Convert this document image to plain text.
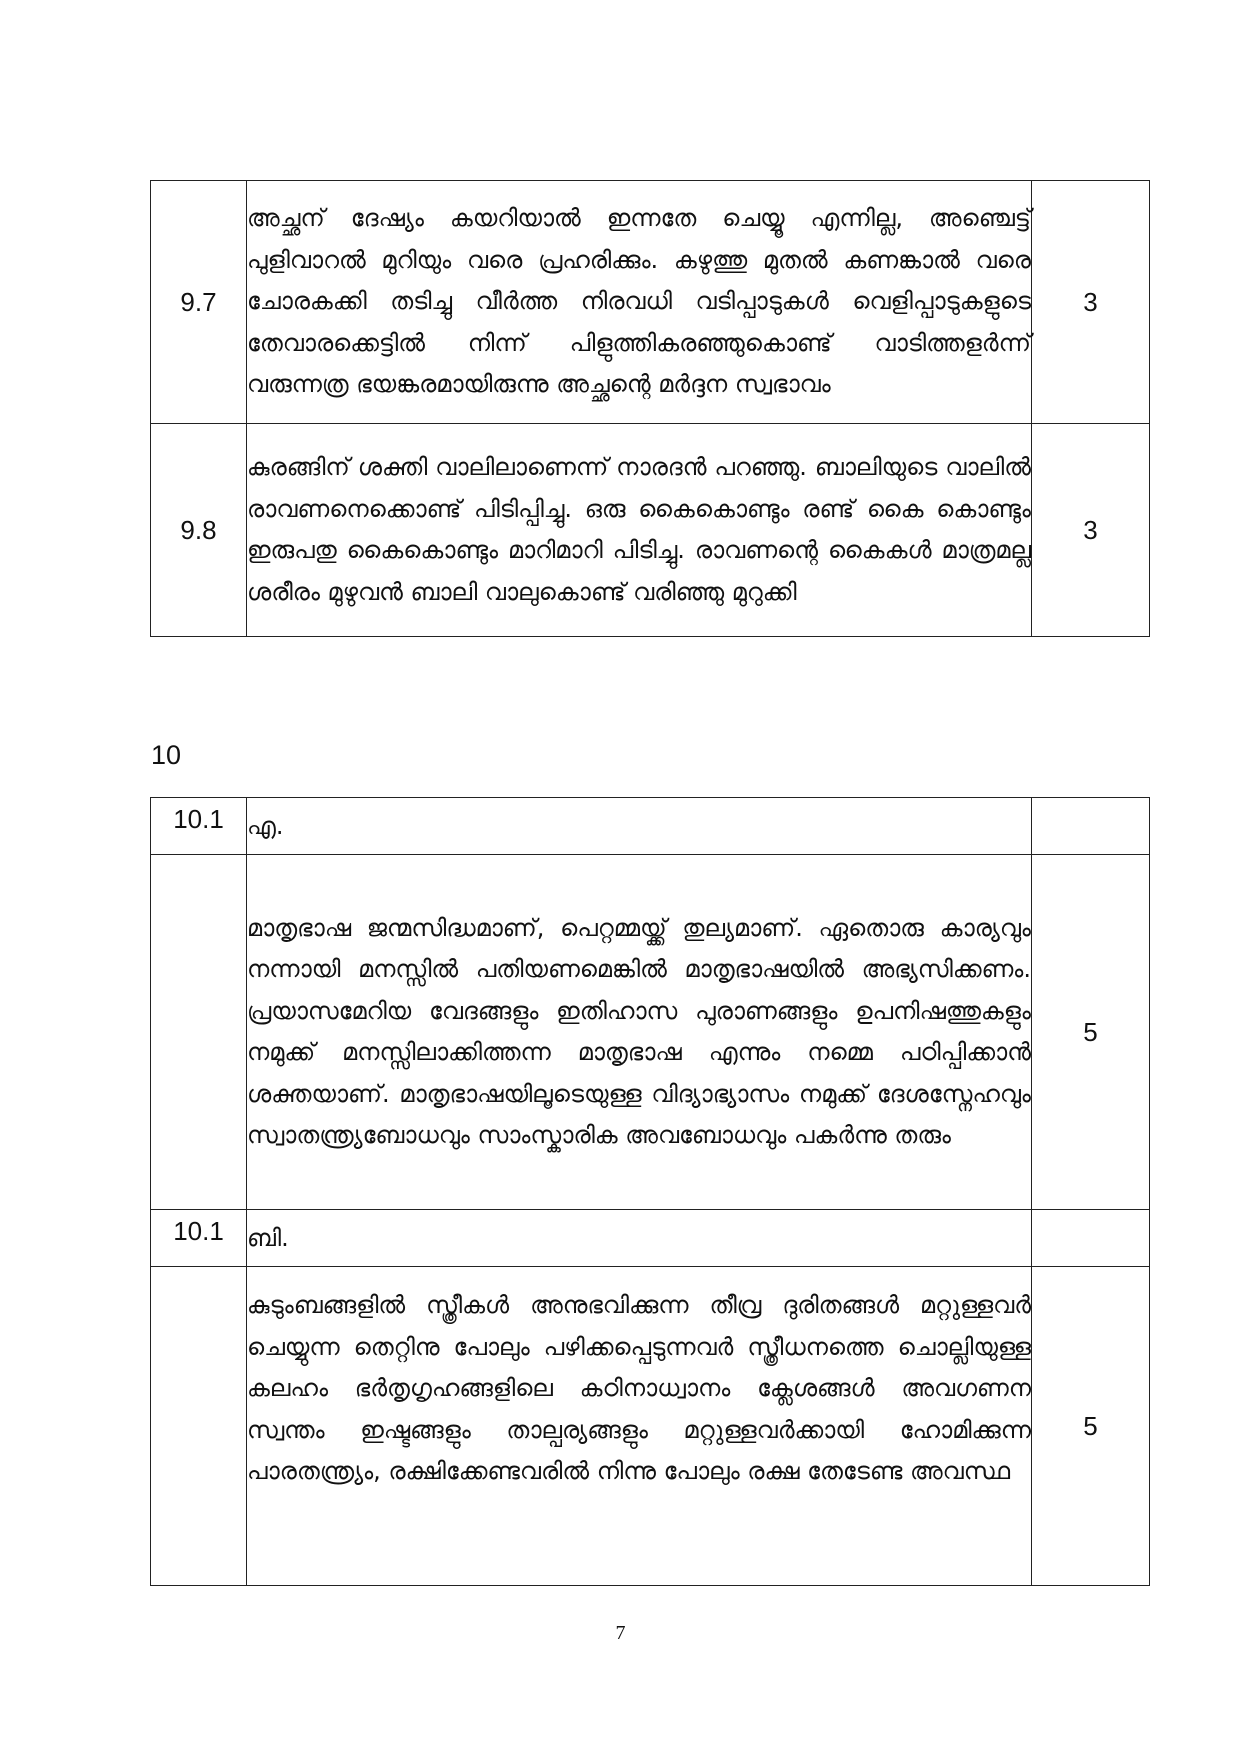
9.7	അച്ഛന് ദേഷ്യം കയറിയാൽ ഇന്നതേ ചെയ്യൂ എന്നില്ല, അഞ്ചെട്ട് പുളിവാറൽ മുറിയും വരെ പ്രഹരിക്കും. കഴുത്തു മുതൽ കണങ്കാൽ വരെ ചോരകക്കി തടിച്ചു വീർത്ത നിരവധി വടിപ്പാടുകൾ വെളിപ്പാടുകളുടെ തേവാരക്കെട്ടിൽ നിന്ന് പിളുത്തികരഞ്ഞുകൊണ്ട് വാടിത്തളർന്ന് വരുന്നത്ര ഭയങ്കരമായിരുന്നു അച്ഛന്റെ മർദ്ദന സ്വഭാവം	3
9.8	കുരങ്ങിന് ശക്തി വാലിലാണെന്ന് നാരദൻ പറഞ്ഞു. ബാലിയുടെ വാലിൽ രാവണനെക്കൊണ്ട് പിടിപ്പിച്ചു. ഒരു കൈകൊണ്ടും രണ്ട് കൈ കൊണ്ടും ഇരുപതു കൈകൊണ്ടും മാറിമാറി പിടിച്ചു. രാവണന്റെ കൈകൾ മാത്രമല്ല ശരീരം മുഴുവൻ ബാലി വാലുകൊണ്ട് വരിഞ്ഞു മുറുക്കി	3
10
10.1	എ.	
	മാതൃഭാഷ ജന്മസിദ്ധമാണ്, പെറ്റമ്മയ്ക്ക് തുല്യമാണ്. ഏതൊരു കാര്യവും നന്നായി മനസ്സിൽ പതിയണമെങ്കിൽ മാതൃഭാഷയിൽ അഭ്യസിക്കണം. പ്രയാസമേറിയ വേദങ്ങളും ഇതിഹാസ പുരാണങ്ങളും ഉപനിഷത്തുകളും നമുക്ക് മനസ്സിലാക്കിത്തന്ന മാതൃഭാഷ എന്നും നമ്മെ പഠിപ്പിക്കാൻ ശക്തയാണ്. മാതൃഭാഷയിലൂടെയുള്ള വിദ്യാഭ്യാസം നമുക്ക് ദേശസ്നേഹവും സ്വാതന്ത്ര്യബോധവും സാംസ്കാരിക അവബോധവും പകർന്നു തരും	5
10.1	ബി.	
	കുടുംബങ്ങളിൽ സ്ത്രീകൾ അനുഭവിക്കുന്ന തീവ്ര ദുരിതങ്ങൾ മറ്റുള്ളവർ ചെയ്യുന്ന തെറ്റിനു പോലും പഴിക്കപ്പെടുന്നവർ സ്ത്രീധനത്തെ ചൊല്ലിയുള്ള കലഹം ഭർതൃഗൃഹങ്ങളിലെ കഠിനാധ്വാനം ക്ലേശങ്ങൾ അവഗണന സ്വന്തം ഇഷ്ടങ്ങളും താല്പര്യങ്ങളും മറ്റുള്ളവർക്കായി ഹോമിക്കുന്ന പാരതന്ത്ര്യം, രക്ഷിക്കേണ്ടവരിൽ നിന്നു പോലും രക്ഷ തേടേണ്ട അവസ്ഥ	5
7
